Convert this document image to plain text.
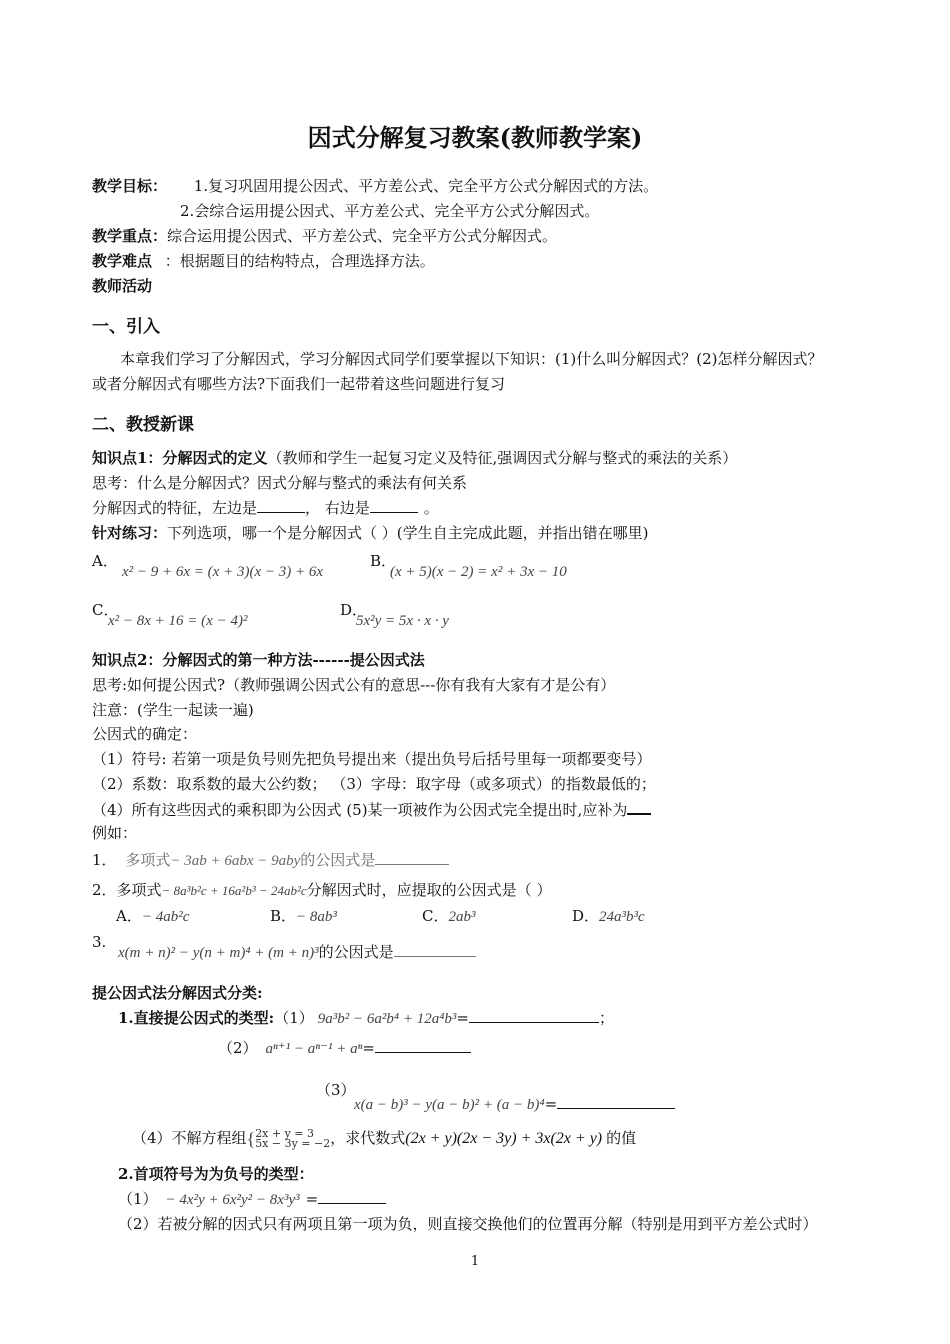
因式分解复习教案(教师教学案)
教学目标： 1.复习巩固用提公因式、平方差公式、完全平方公式分解因式的方法。
2.会综合运用提公因式、平方差公式、完全平方公式分解因式。
教学重点：综合运用提公因式、平方差公式、完全平方公式分解因式。
教学难点 ：根据题目的结构特点，合理选择方法。
教师活动
一、引入
本章我们学习了分解因式，学习分解因式同学们要掌握以下知识：(1)什么叫分解因式？(2)怎样分解因式？
或者分解因式有哪些方法?下面我们一起带着这些问题进行复习
二、教授新课
知识点1：分解因式的定义（教师和学生一起复习定义及特征,强调因式分解与整式的乘法的关系）
思考：什么是分解因式？因式分解与整式的乘法有何关系
分解因式的特征，左边是	， 右边是	。
针对练习：下列选项，哪一个是分解因式（ ）(学生自主完成此题，并指出错在哪里)
A．
x² − 9 + 6x = (x + 3)(x − 3) + 6x
B．
(x + 5)(x − 2) = x² + 3x − 10
C．
x² − 8x + 16 = (x − 4)²
D．
5x²y = 5x · x · y
知识点2：分解因式的第一种方法------提公因式法
思考:如何提公因式?（教师强调公因式公有的意思---你有我有大家有才是公有）
注意：(学生一起读一遍)
公因式的确定：
（1）符号: 若第一项是负号则先把负号提出来（提出负号后括号里每一项都要变号）
（2）系数：取系数的最大公约数； （3）字母：取字母（或多项式）的指数最低的；
（4）所有这些因式的乘积即为公因式 (5)某一项被作为公因式完全提出时,应补为
例如：
1． 多项式− 3ab + 6abx − 9aby的公因式是
2．多项式− 8a³b²c + 16a²b³ − 24ab²c分解因式时，应提取的公因式是（ ）
A．− 4ab²c	B．− 8ab³	C．2ab³	D．24a³b³c
3.
x(m + n)² − y(n + m)⁴ + (m + n)³的公因式是
提公因式法分解因式分类:
1.直接提公因式的类型:（1） 9a³b² − 6a²b⁴ + 12a⁴b³=	；
（2） aⁿ⁺¹ − aⁿ⁻¹ + aⁿ=
（3）
x(a − b)³ − y(a − b)² + (a − b)⁴=
（4）不解方程组{2x + y = 3
5x − 3y = −2，求代数式(2x + y)(2x − 3y) + 3x(2x + y) 的值
2.首项符号为为负号的类型：
（1） − 4x²y + 6x²y² − 8x³y³ =
（2）若被分解的因式只有两项且第一项为负，则直接交换他们的位置再分解（特别是用到平方差公式时）
1
